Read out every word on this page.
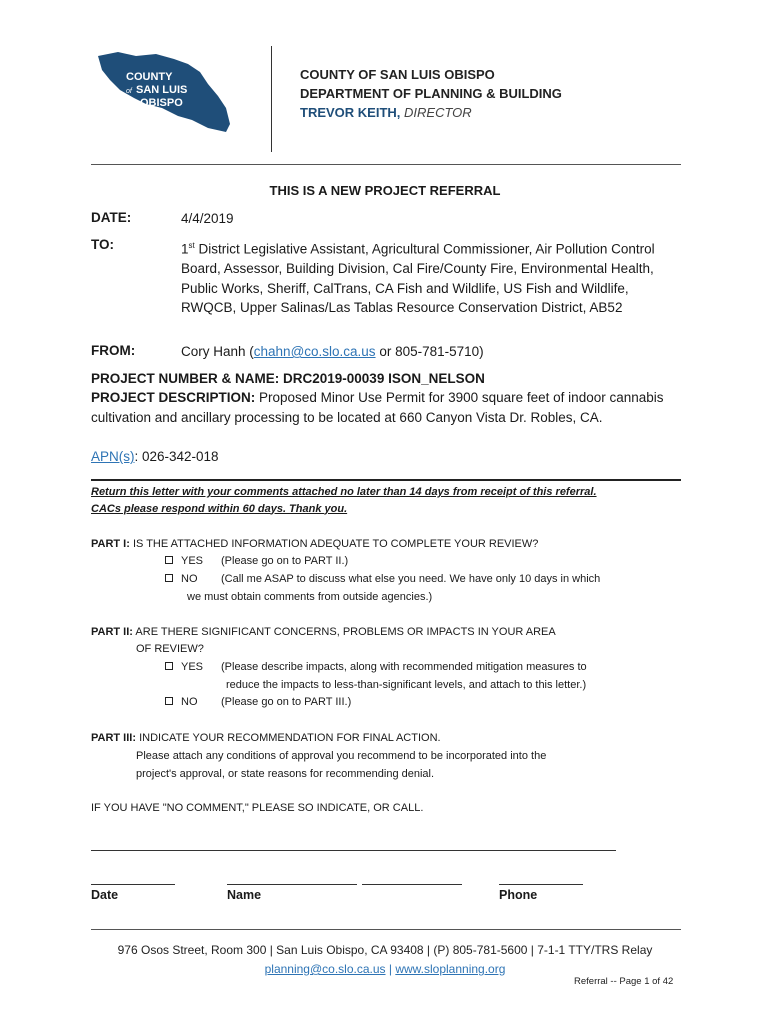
COUNTY
of SAN LUIS
OBISPO
COUNTY OF SAN LUIS OBISPO
DEPARTMENT OF PLANNING & BUILDING
TREVOR KEITH, DIRECTOR
THIS IS A NEW PROJECT REFERRAL
DATE:	4/4/2019
TO:	1st District Legislative Assistant, Agricultural Commissioner, Air Pollution Control Board, Assessor, Building Division, Cal Fire/County Fire, Environmental Health, Public Works, Sheriff, CalTrans, CA Fish and Wildlife, US Fish and Wildlife, RWQCB, Upper Salinas/Las Tablas Resource Conservation District, AB52
FROM:	Cory Hanh (chahn@co.slo.ca.us or 805-781-5710)
PROJECT NUMBER & NAME: DRC2019-00039 ISON_NELSON
PROJECT DESCRIPTION: Proposed Minor Use Permit for 3900 square feet of indoor cannabis cultivation and ancillary processing to be located at 660 Canyon Vista Dr. Robles, CA.
APN(s): 026-342-018
Return this letter with your comments attached no later than 14 days from receipt of this referral.
CACs please respond within 60 days. Thank you.
PART I: IS THE ATTACHED INFORMATION ADEQUATE TO COMPLETE YOUR REVIEW?
YES (Please go on to PART II.)
NO (Call me ASAP to discuss what else you need. We have only 10 days in which
we must obtain comments from outside agencies.)
PART II: ARE THERE SIGNIFICANT CONCERNS, PROBLEMS OR IMPACTS IN YOUR AREA
OF REVIEW?
YES (Please describe impacts, along with recommended mitigation measures to
reduce the impacts to less-than-significant levels, and attach to this letter.)
NO (Please go on to PART III.)
PART III: INDICATE YOUR RECOMMENDATION FOR FINAL ACTION.
Please attach any conditions of approval you recommend to be incorporated into the
project's approval, or state reasons for recommending denial.
IF YOU HAVE "NO COMMENT," PLEASE SO INDICATE, OR CALL.
Date	Name	Phone
976 Osos Street, Room 300 | San Luis Obispo, CA 93408 | (P) 805-781-5600 | 7-1-1 TTY/TRS Relay
planning@co.slo.ca.us | www.sloplanning.org
Referral -- Page 1 of 42
